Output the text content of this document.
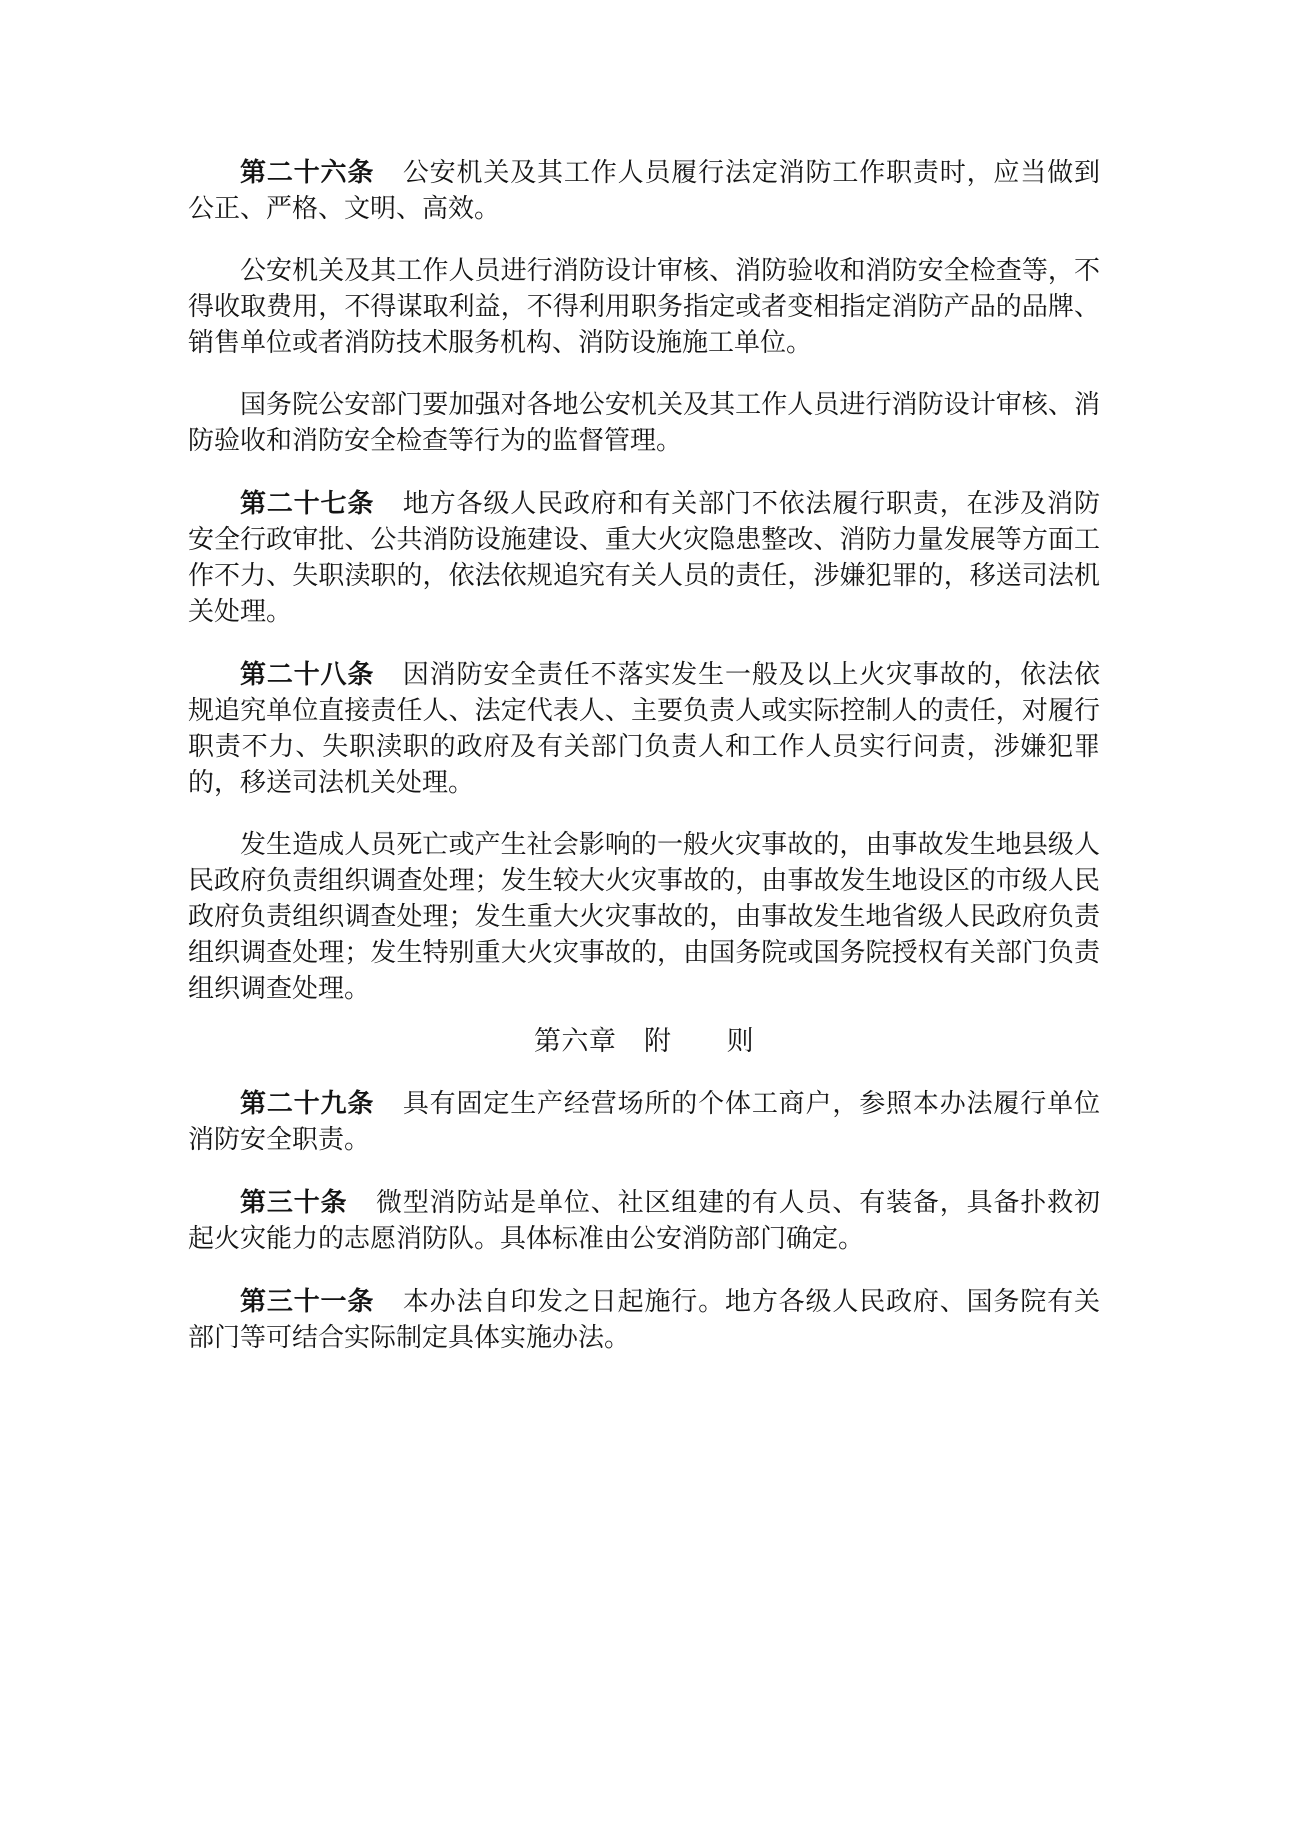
第二十六条 公安机关及其工作人员履行法定消防工作职责时，应当做到公正、严格、文明、高效。

公安机关及其工作人员进行消防设计审核、消防验收和消防安全检查等，不得收取费用，不得谋取利益，不得利用职务指定或者变相指定消防产品的品牌、销售单位或者消防技术服务机构、消防设施施工单位。

国务院公安部门要加强对各地公安机关及其工作人员进行消防设计审核、消防验收和消防安全检查等行为的监督管理。

第二十七条 地方各级人民政府和有关部门不依法履行职责，在涉及消防安全行政审批、公共消防设施建设、重大火灾隐患整改、消防力量发展等方面工作不力、失职渎职的，依法依规追究有关人员的责任，涉嫌犯罪的，移送司法机关处理。

第二十八条 因消防安全责任不落实发生一般及以上火灾事故的，依法依规追究单位直接责任人、法定代表人、主要负责人或实际控制人的责任，对履行职责不力、失职渎职的政府及有关部门负责人和工作人员实行问责，涉嫌犯罪的，移送司法机关处理。

发生造成人员死亡或产生社会影响的一般火灾事故的，由事故发生地县级人民政府负责组织调查处理；发生较大火灾事故的，由事故发生地设区的市级人民政府负责组织调查处理；发生重大火灾事故的，由事故发生地省级人民政府负责组织调查处理；发生特别重大火灾事故的，由国务院或国务院授权有关部门负责组织调查处理。

第六章　附　　则

第二十九条 具有固定生产经营场所的个体工商户，参照本办法履行单位消防安全职责。

第三十条 微型消防站是单位、社区组建的有人员、有装备，具备扑救初起火灾能力的志愿消防队。具体标准由公安消防部门确定。

第三十一条 本办法自印发之日起施行。地方各级人民政府、国务院有关部门等可结合实际制定具体实施办法。
